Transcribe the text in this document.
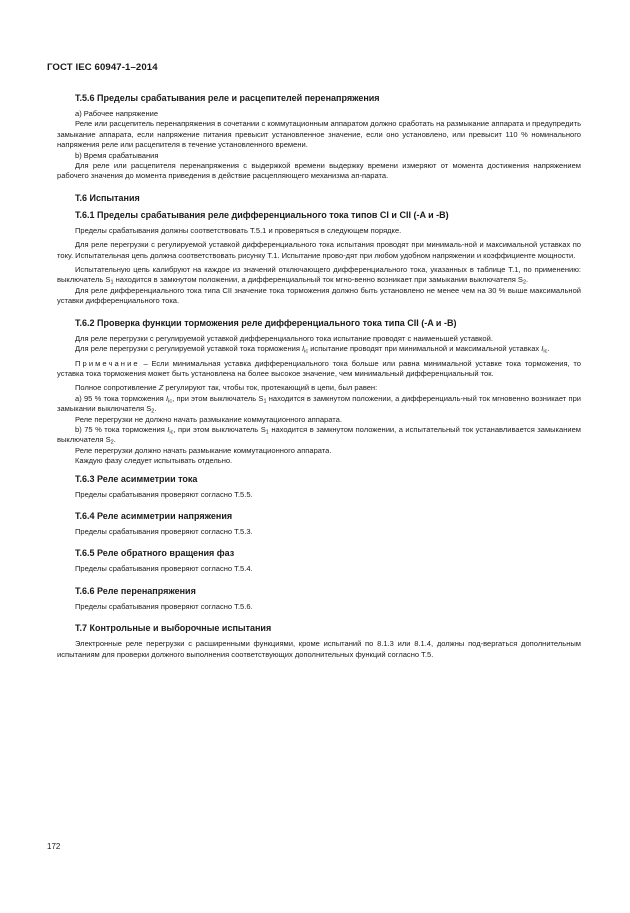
ГОСТ IEC 60947-1–2014
T.5.6 Пределы срабатывания реле и расцепителей перенапряжения

a) Рабочее напряжение

Реле или расцепитель перенапряжения в сочетании с коммутационным аппаратом должно сработать на размыкание аппарата и предупредить замыкание аппарата, если напряжение питания превысит установленное значение, если оно установлено, или превысит 110 % номинального напряжения реле или расцепителя в течение установленного времени.

b) Время срабатывания

Для реле или расцепителя перенапряжения с выдержкой времени выдержку времени измеряют от момента достижения напряжением рабочего значения до момента приведения в действие расцепляющего механизма ап-парата.

T.6 Испытания
T.6.1 Пределы срабатывания реле дифференциального тока типов CI и CII (-A и -B)

Пределы срабатывания должны соответствовать T.5.1 и проверяться в следующем порядке.

Для реле перегрузки с регулируемой уставкой дифференциального тока испытания проводят при минималь-ной и максимальной уставках по току. Испытательная цепь должна соответствовать рисунку T.1. Испытание прово-дят при любом удобном напряжении и коэффициенте мощности.

Испытательную цепь калибруют на каждое из значений отключающего дифференциального тока, указанных в таблице T.1, по применению: выключатель $S_1$ находится в замкнутом положении, а дифференциальный ток мгно-венно возникает при замыкании выключателя $S_2$.

Для реле дифференциального тока типа CII значение тока торможения должно быть установлено не менее чем на 30 % выше максимальной уставки дифференциального тока.

T.6.2 Проверка функции торможения реле дифференциального тока типа CII (-A и -B)

Для реле перегрузки с регулируемой уставкой дифференциального тока испытание проводят с наименьшей уставкой.

Для реле перегрузки с регулируемой уставкой тока торможения $I_{ic}$ испытание проводят при минимальной и максимальной уставках $I_{ic}$.

Примечание – Если минимальная уставка дифференциального тока больше или равна минимальной уставке тока торможения, то уставка тока торможения может быть установлена на более высокое значение, чем минимальный дифференциальный ток.

Полное сопротивление Z регулируют так, чтобы ток, протекающий в цепи, был равен:

a) 95 % тока торможения $I_{ic}$, при этом выключатель $S_1$ находится в замкнутом положении, а дифференциаль-ный ток мгновенно возникает при замыкании выключателя $S_2$.

Реле перегрузки не должно начать размыкание коммутационного аппарата.

b) 75 % тока торможения $I_{ic}$, при этом выключатель $S_1$ находится в замкнутом положении, а испытательный ток устанавливается замыканием выключателя $S_2$.

Реле перегрузки должно начать размыкание коммутационного аппарата.

Каждую фазу следует испытывать отдельно.

T.6.3 Реле асимметрии тока

Пределы срабатывания проверяют согласно T.5.5.

T.6.4 Реле асимметрии напряжения

Пределы срабатывания проверяют согласно T.5.3.

T.6.5 Реле обратного вращения фаз

Пределы срабатывания проверяют согласно T.5.4.

T.6.6 Реле перенапряжения

Пределы срабатывания проверяют согласно T.5.6.

T.7 Контрольные и выборочные испытания

Электронные реле перегрузки с расширенными функциями, кроме испытаний по 8.1.3 или 8.1.4, должны под-вергаться дополнительным испытаниям для проверки должного выполнения соответствующих дополнительных функций согласно T.5.

172
